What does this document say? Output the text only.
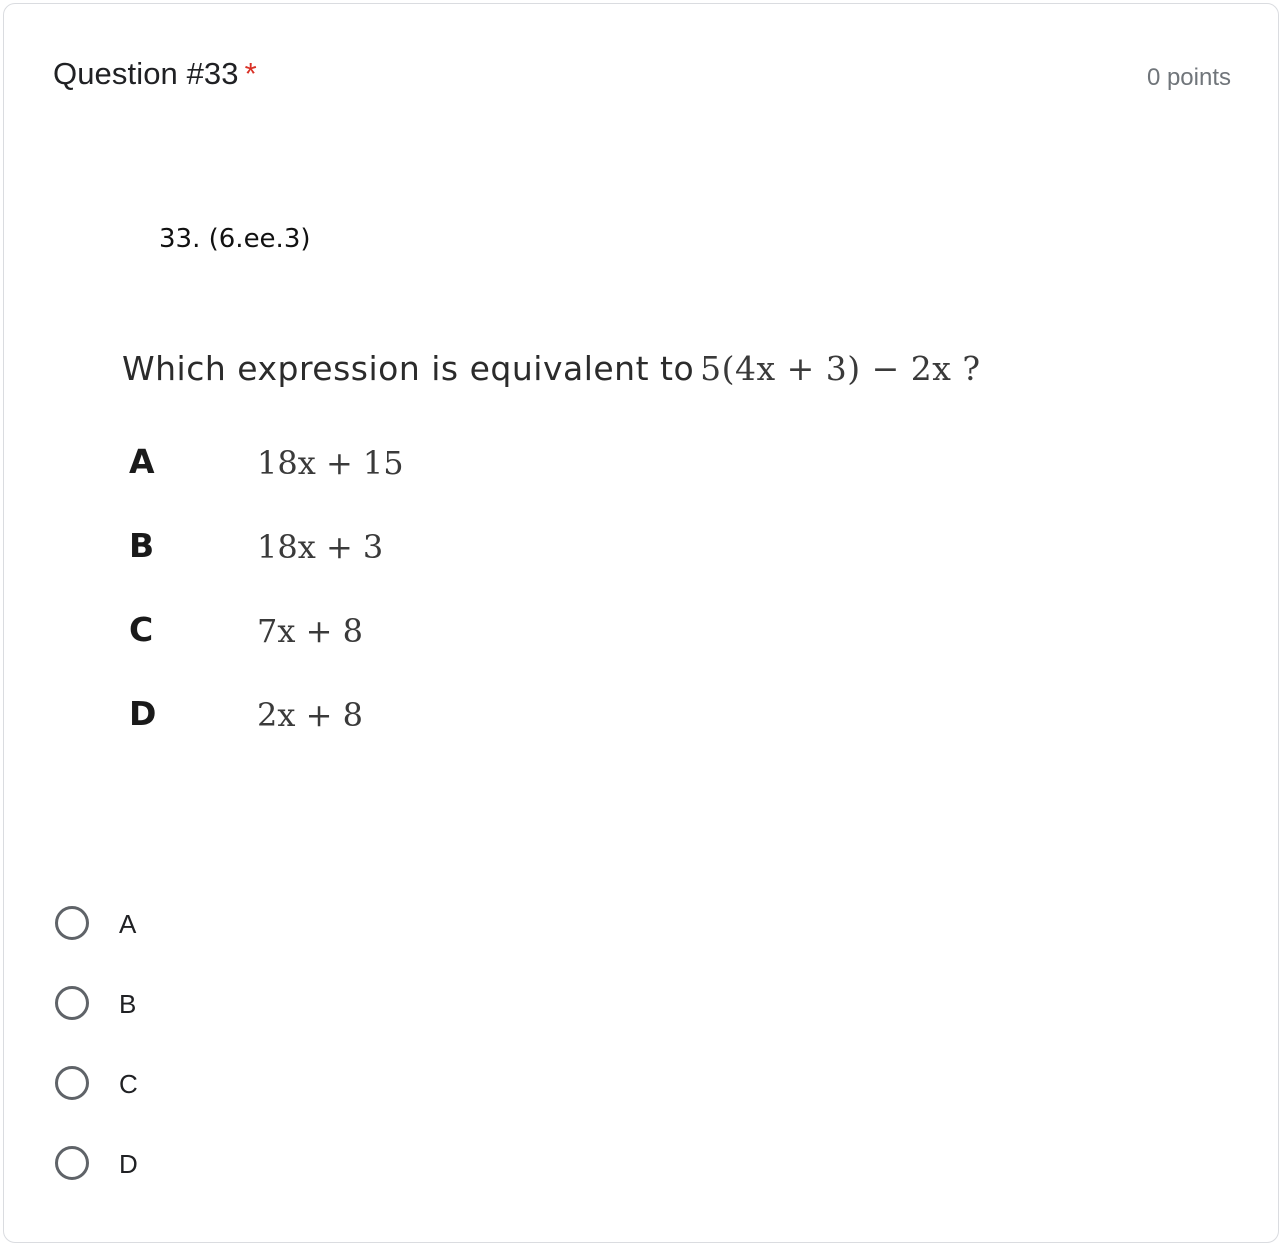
Question #33 *	0 points
33. (6.ee.3)
Which expression is equivalent to 5(4x + 3) − 2x ?
A	18x + 15
B	18x + 3
C	7x + 8
D	2x + 8
A
B
C
D
